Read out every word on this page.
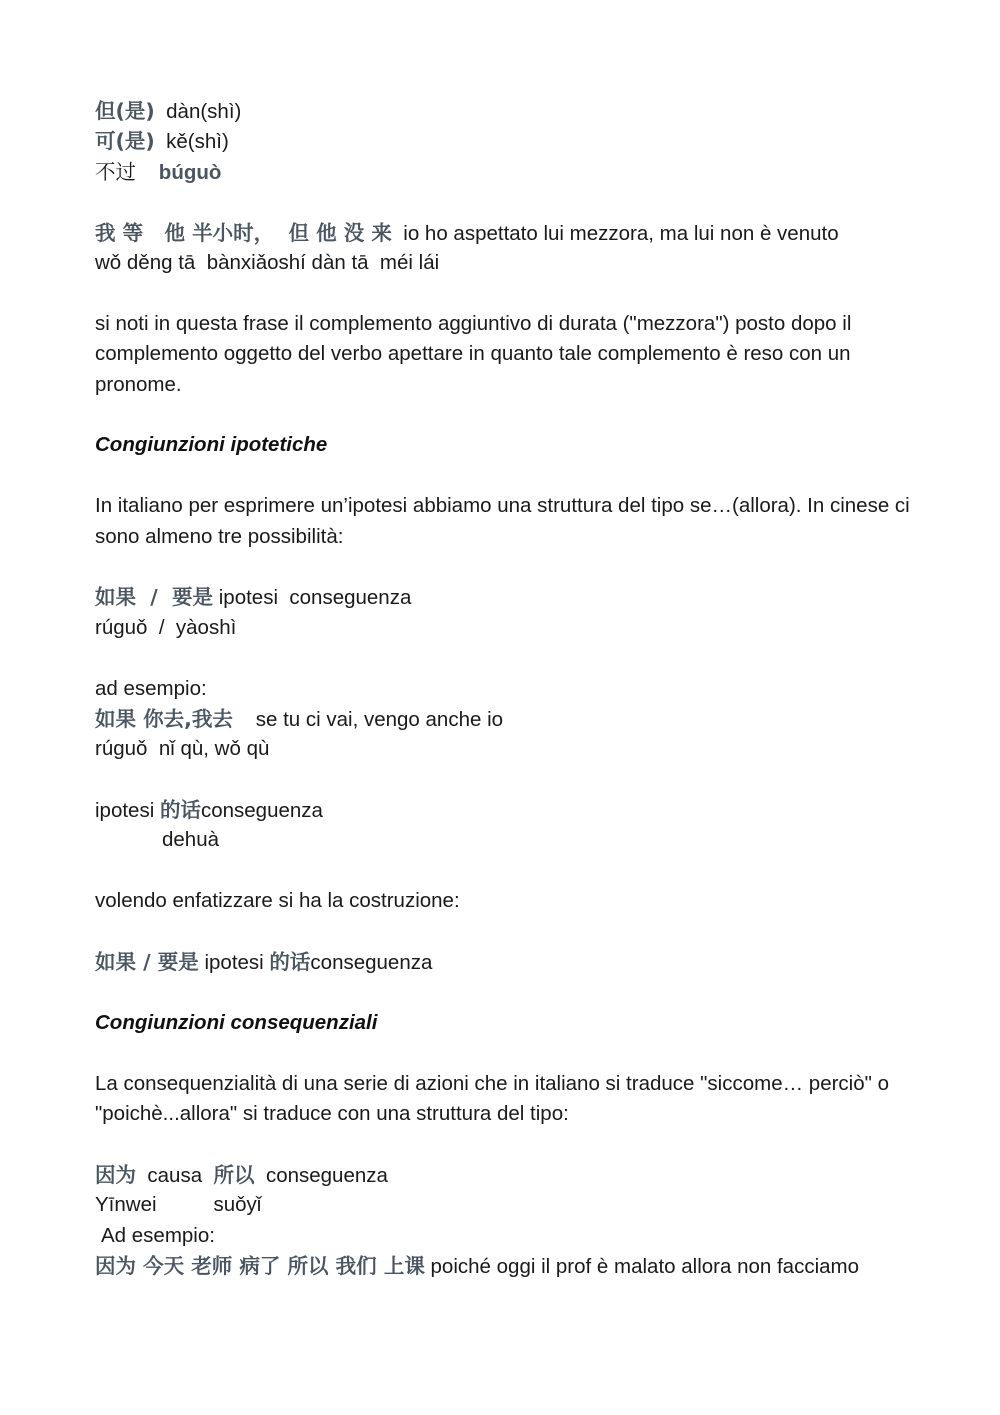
但(是) dàn(shì)
可(是) kě(shì)
不过 búguò
我 等   他 半小时，  但 他 没 来 io ho aspettato lui mezzora, ma lui non è venuto
wǒ děng tā  bànxiǎoshí dàn tā  méi lái
si noti in questa frase il complemento aggiuntivo di durata ("mezzora") posto dopo il complemento oggetto del verbo apettare in quanto tale complemento è reso con un pronome.
Congiunzioni ipotetiche
In italiano per esprimere un’ipotesi abbiamo una struttura del tipo se…(allora). In cinese ci sono almeno tre possibilità:
如果  /  要是 ipotesi  conseguenza
rúguǒ  /  yàoshì
ad esempio:
如果 你去,我去 se tu ci vai, vengo anche io
rúguǒ  nǐ qù, wǒ qù
ipotesi 的话conseguenza
dehuà
volendo enfatizzare si ha la costruzione:
如果 / 要是 ipotesi 的话conseguenza
Congiunzioni consequenziali
La consequenzialità di una serie di azioni che in italiano si traduce "siccome… perciò" o "poichè...allora" si traduce con una struttura del tipo:
因为 causa 所以 conseguenza
Yīnwei          suǒyǐ
Ad esempio:
因为 今天 老师 病了 所以 我们 上课 poiché oggi il prof è malato allora non facciamo
